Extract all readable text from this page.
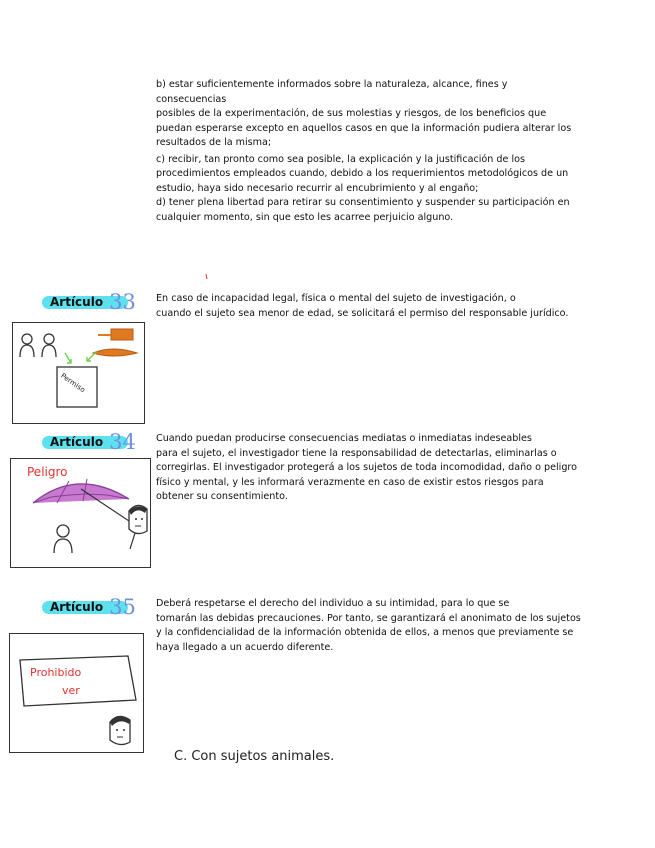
b) estar suficientemente informados sobre la naturaleza, alcance, fines y
consecuencias
posibles de la experimentación, de sus molestias y riesgos, de los beneficios que
puedan esperarse excepto en aquellos casos en que la información pudiera alterar los
resultados de la misma;
c) recibir, tan pronto como sea posible, la explicación y la justificación de los
procedimientos empleados cuando, debido a los requerimientos metodológicos de un
estudio, haya sido necesario recurrir al encubrimiento y al engaño;
d) tener plena libertad para retirar su consentimiento y suspender su participación en
cualquier momento, sin que esto les acarree perjuicio alguno.
Artículo 33 En caso de incapacidad legal, física o mental del sujeto de investigación, o
cuando el sujeto sea menor de edad, se solicitará el permiso del responsable jurídico.
Permiso
Artículo 34 Cuando puedan producirse consecuencias mediatas o inmediatas indeseables
para el sujeto, el investigador tiene la responsabilidad de detectarlas, eliminarlas o
corregirlas. El investigador protegerá a los sujetos de toda incomodidad, daño o peligro
físico y mental, y les informará verazmente en caso de existir estos riesgos para
obtener su consentimiento.
Peligro
Artículo 35 Deberá respetarse el derecho del individuo a su intimidad, para lo que se
tomarán las debidas precauciones. Por tanto, se garantizará el anonimato de los sujetos
y la confidencialidad de la información obtenida de ellos, a menos que previamente se
haya llegado a un acuerdo diferente.
Prohibido
ver
C. Con sujetos animales.
